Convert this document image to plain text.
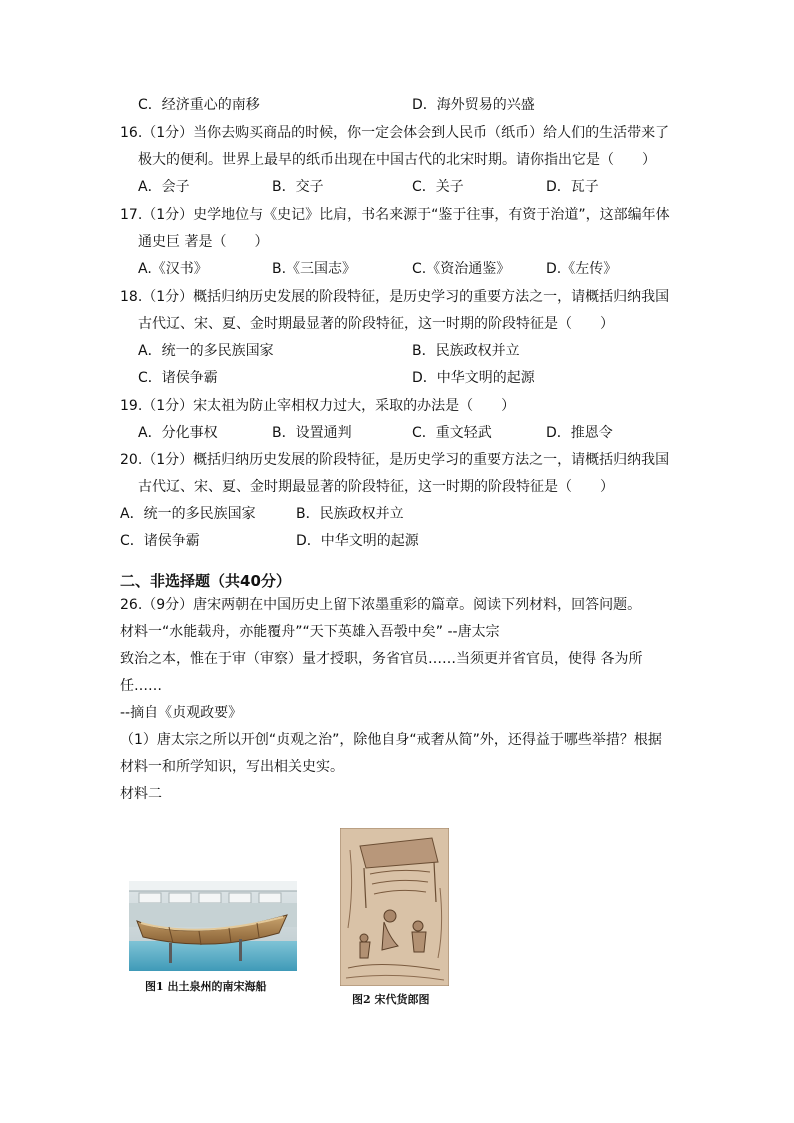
C．经济重心的南移	D．海外贸易的兴盛
16.（1分）当你去购买商品的时候，你一定会体会到人民币（纸币）给人们的生活带来了
极大的便利。世界上最早的纸币出现在中国古代的北宋时期。请你指出它是（　　）
A．会子	B．交子	C．关子	D．瓦子
17.（1分）史学地位与《史记》比肩，书名来源于“鉴于往事，有资于治道”，这部编年体
通史巨 著是（　　）
A.《汉书》	B.《三国志》	C.《资治通鉴》	D.《左传》
18.（1分）概括归纳历史发展的阶段特征，是历史学习的重要方法之一，请概括归纳我国
古代辽、宋、夏、金时期最显著的阶段特征，这一时期的阶段特征是（　　）
A．统一的多民族国家	B．民族政权并立
C．诸侯争霸	D．中华文明的起源
19.（1分）宋太祖为防止宰相权力过大，采取的办法是（　　）
A．分化事权	B．设置通判	C．重文轻武	D．推恩令
20.（1分）概括归纳历史发展的阶段特征，是历史学习的重要方法之一，请概括归纳我国
古代辽、宋、夏、金时期最显著的阶段特征，这一时期的阶段特征是（　　）
A．统一的多民族国家	B．民族政权并立
C．诸侯争霸	D．中华文明的起源
二、非选择题（共40分）
26.（9分）唐宋两朝在中国历史上留下浓墨重彩的篇章。阅读下列材料，回答问题。
材料一“水能载舟，亦能覆舟”“天下英雄入吾彀中矣” --唐太宗
致治之本，惟在于审（审察）量才授职，务省官员……当须更并省官员，使得 各为所
任……
--摘自《贞观政要》
（1）唐太宗之所以开创“贞观之治”，除他自身“戒奢从简”外，还得益于哪些举措？根据
材料一和所学知识，写出相关史实。
材料二
图1 出土泉州的南宋海船
图2 宋代货郎图
